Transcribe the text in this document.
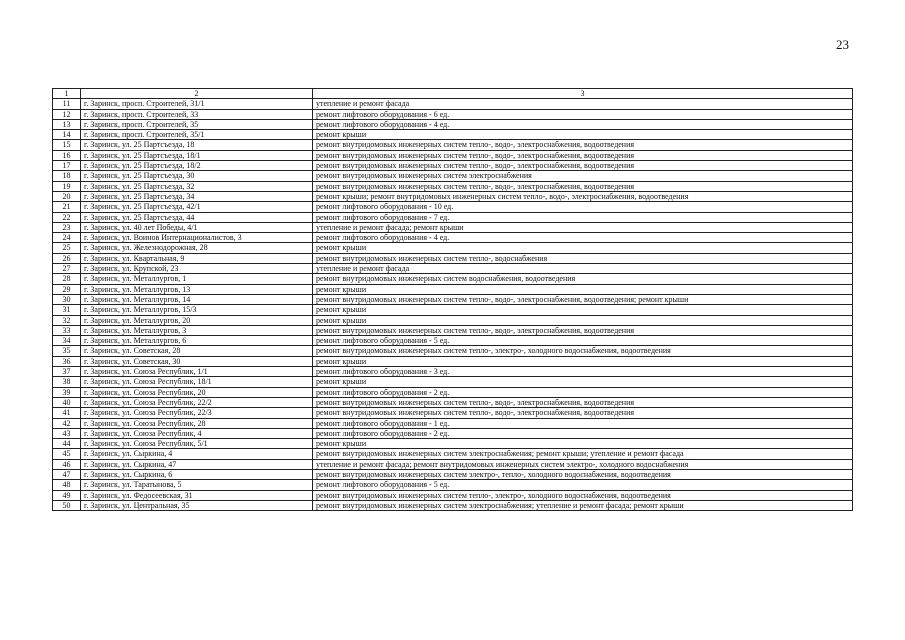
23
1	2	3
11	г. Заринск, просп. Строителей, 31/1	утепление и ремонт фасада
12	г. Заринск, просп. Строителей, 33	ремонт лифтового оборудования - 6 ед.
13	г. Заринск, просп. Строителей, 35	ремонт лифтового оборудования - 4 ед.
14	г. Заринск, просп. Строителей, 35/1	ремонт крыши
15	г. Заринск, ул. 25 Партсъезда, 18	ремонт внутридомовых инженерных систем тепло-, водо-, электроснабжения, водоотведения
16	г. Заринск, ул. 25 Партсъезда, 18/1	ремонт внутридомовых инженерных систем тепло-, водо-, электроснабжения, водоотведения
17	г. Заринск, ул. 25 Партсъезда, 18/2	ремонт внутридомовых инженерных систем тепло-, водо-, электроснабжения, водоотведения
18	г. Заринск, ул. 25 Партсъезда, 30	ремонт внутридомовых инженерных систем электроснабжения
19	г. Заринск, ул. 25 Партсъезда, 32	ремонт внутридомовых инженерных систем тепло-, водо-, электроснабжения, водоотведения
20	г. Заринск, ул. 25 Партсъезда, 34	ремонт крыши; ремонт внутридомовых инженерных систем тепло-, водо-, электроснабжения, водоотведения
21	г. Заринск, ул. 25 Партсъезда, 42/1	ремонт лифтового оборудования - 10 ед.
22	г. Заринск, ул. 25 Партсъезда, 44	ремонт лифтового оборудования - 7 ед.
23	г. Заринск, ул. 40 лет Победы, 4/1	утепление и ремонт фасада; ремонт крыши
24	г. Заринск, ул. Воинов Интернационалистов, 3	ремонт лифтового оборудования - 4 ед.
25	г. Заринск, ул. Железнодорожная, 28	ремонт крыши
26	г. Заринск, ул. Квартальная, 9	ремонт внутридомовых инженерных систем тепло-, водоснабжения
27	г. Заринск, ул. Крупской, 23	утепление и ремонт фасада
28	г. Заринск, ул. Металлургов, 1	ремонт внутридомовых инженерных систем водоснабжения, водоотведения
29	г. Заринск, ул. Металлургов, 13	ремонт крыши
30	г. Заринск, ул. Металлургов, 14	ремонт внутридомовых инженерных систем тепло-, водо-, электроснабжения, водоотведения; ремонт крыши
31	г. Заринск, ул. Металлургов, 15/3	ремонт крыши
32	г. Заринск, ул. Металлургов, 20	ремонт крыши
33	г. Заринск, ул. Металлургов, 3	ремонт внутридомовых инженерных систем тепло-, водо-, электроснабжения, водоотведения
34	г. Заринск, ул. Металлургов, 6	ремонт лифтового оборудования - 5 ед.
35	г. Заринск, ул. Советская, 28	ремонт внутридомовых инженерных систем тепло-, электро-, холодного водоснабжения, водоотведения
36	г. Заринск, ул. Советская, 30	ремонт крыши
37	г. Заринск, ул. Союза Республик, 1/1	ремонт лифтового оборудования - 3 ед.
38	г. Заринск, ул. Союза Республик, 18/1	ремонт крыши
39	г. Заринск, ул. Союза Республик, 20	ремонт лифтового оборудования - 2 ед.
40	г. Заринск, ул. Союза Республик, 22/2	ремонт внутридомовых инженерных систем тепло-, водо-, электроснабжения, водоотведения
41	г. Заринск, ул. Союза Республик, 22/3	ремонт внутридомовых инженерных систем тепло-, водо-, электроснабжения, водоотведения
42	г. Заринск, ул. Союза Республик, 28	ремонт лифтового оборудования - 1 ед.
43	г. Заринск, ул. Союза Республик, 4	ремонт лифтового оборудования - 2 ед.
44	г. Заринск, ул. Союза Республик, 5/1	ремонт крыши
45	г. Заринск, ул. Сыркина, 4	ремонт внутридомовых инженерных систем электроснабжения; ремонт крыши; утепление и ремонт фасада
46	г. Заринск, ул. Сыркина, 47	утепление и ремонт фасада; ремонт внутридомовых инженерных систем электро-, холодного водоснабжения
47	г. Заринск, ул. Сыркина, 6	ремонт внутридомовых инженерных систем электро-, тепло-, холодного водоснабжения, водоотведения
48	г. Заринск, ул. Таратынова, 5	ремонт лифтового оборудования - 5 ед.
49	г. Заринск, ул. Федосеевская, 31	ремонт внутридомовых инженерных систем тепло-, электро-, холодного водоснабжения, водоотведения
50	г. Заринск, ул. Центральная, 35	ремонт внутридомовых инженерных систем электроснабжения; утепление и ремонт фасада; ремонт крыши
